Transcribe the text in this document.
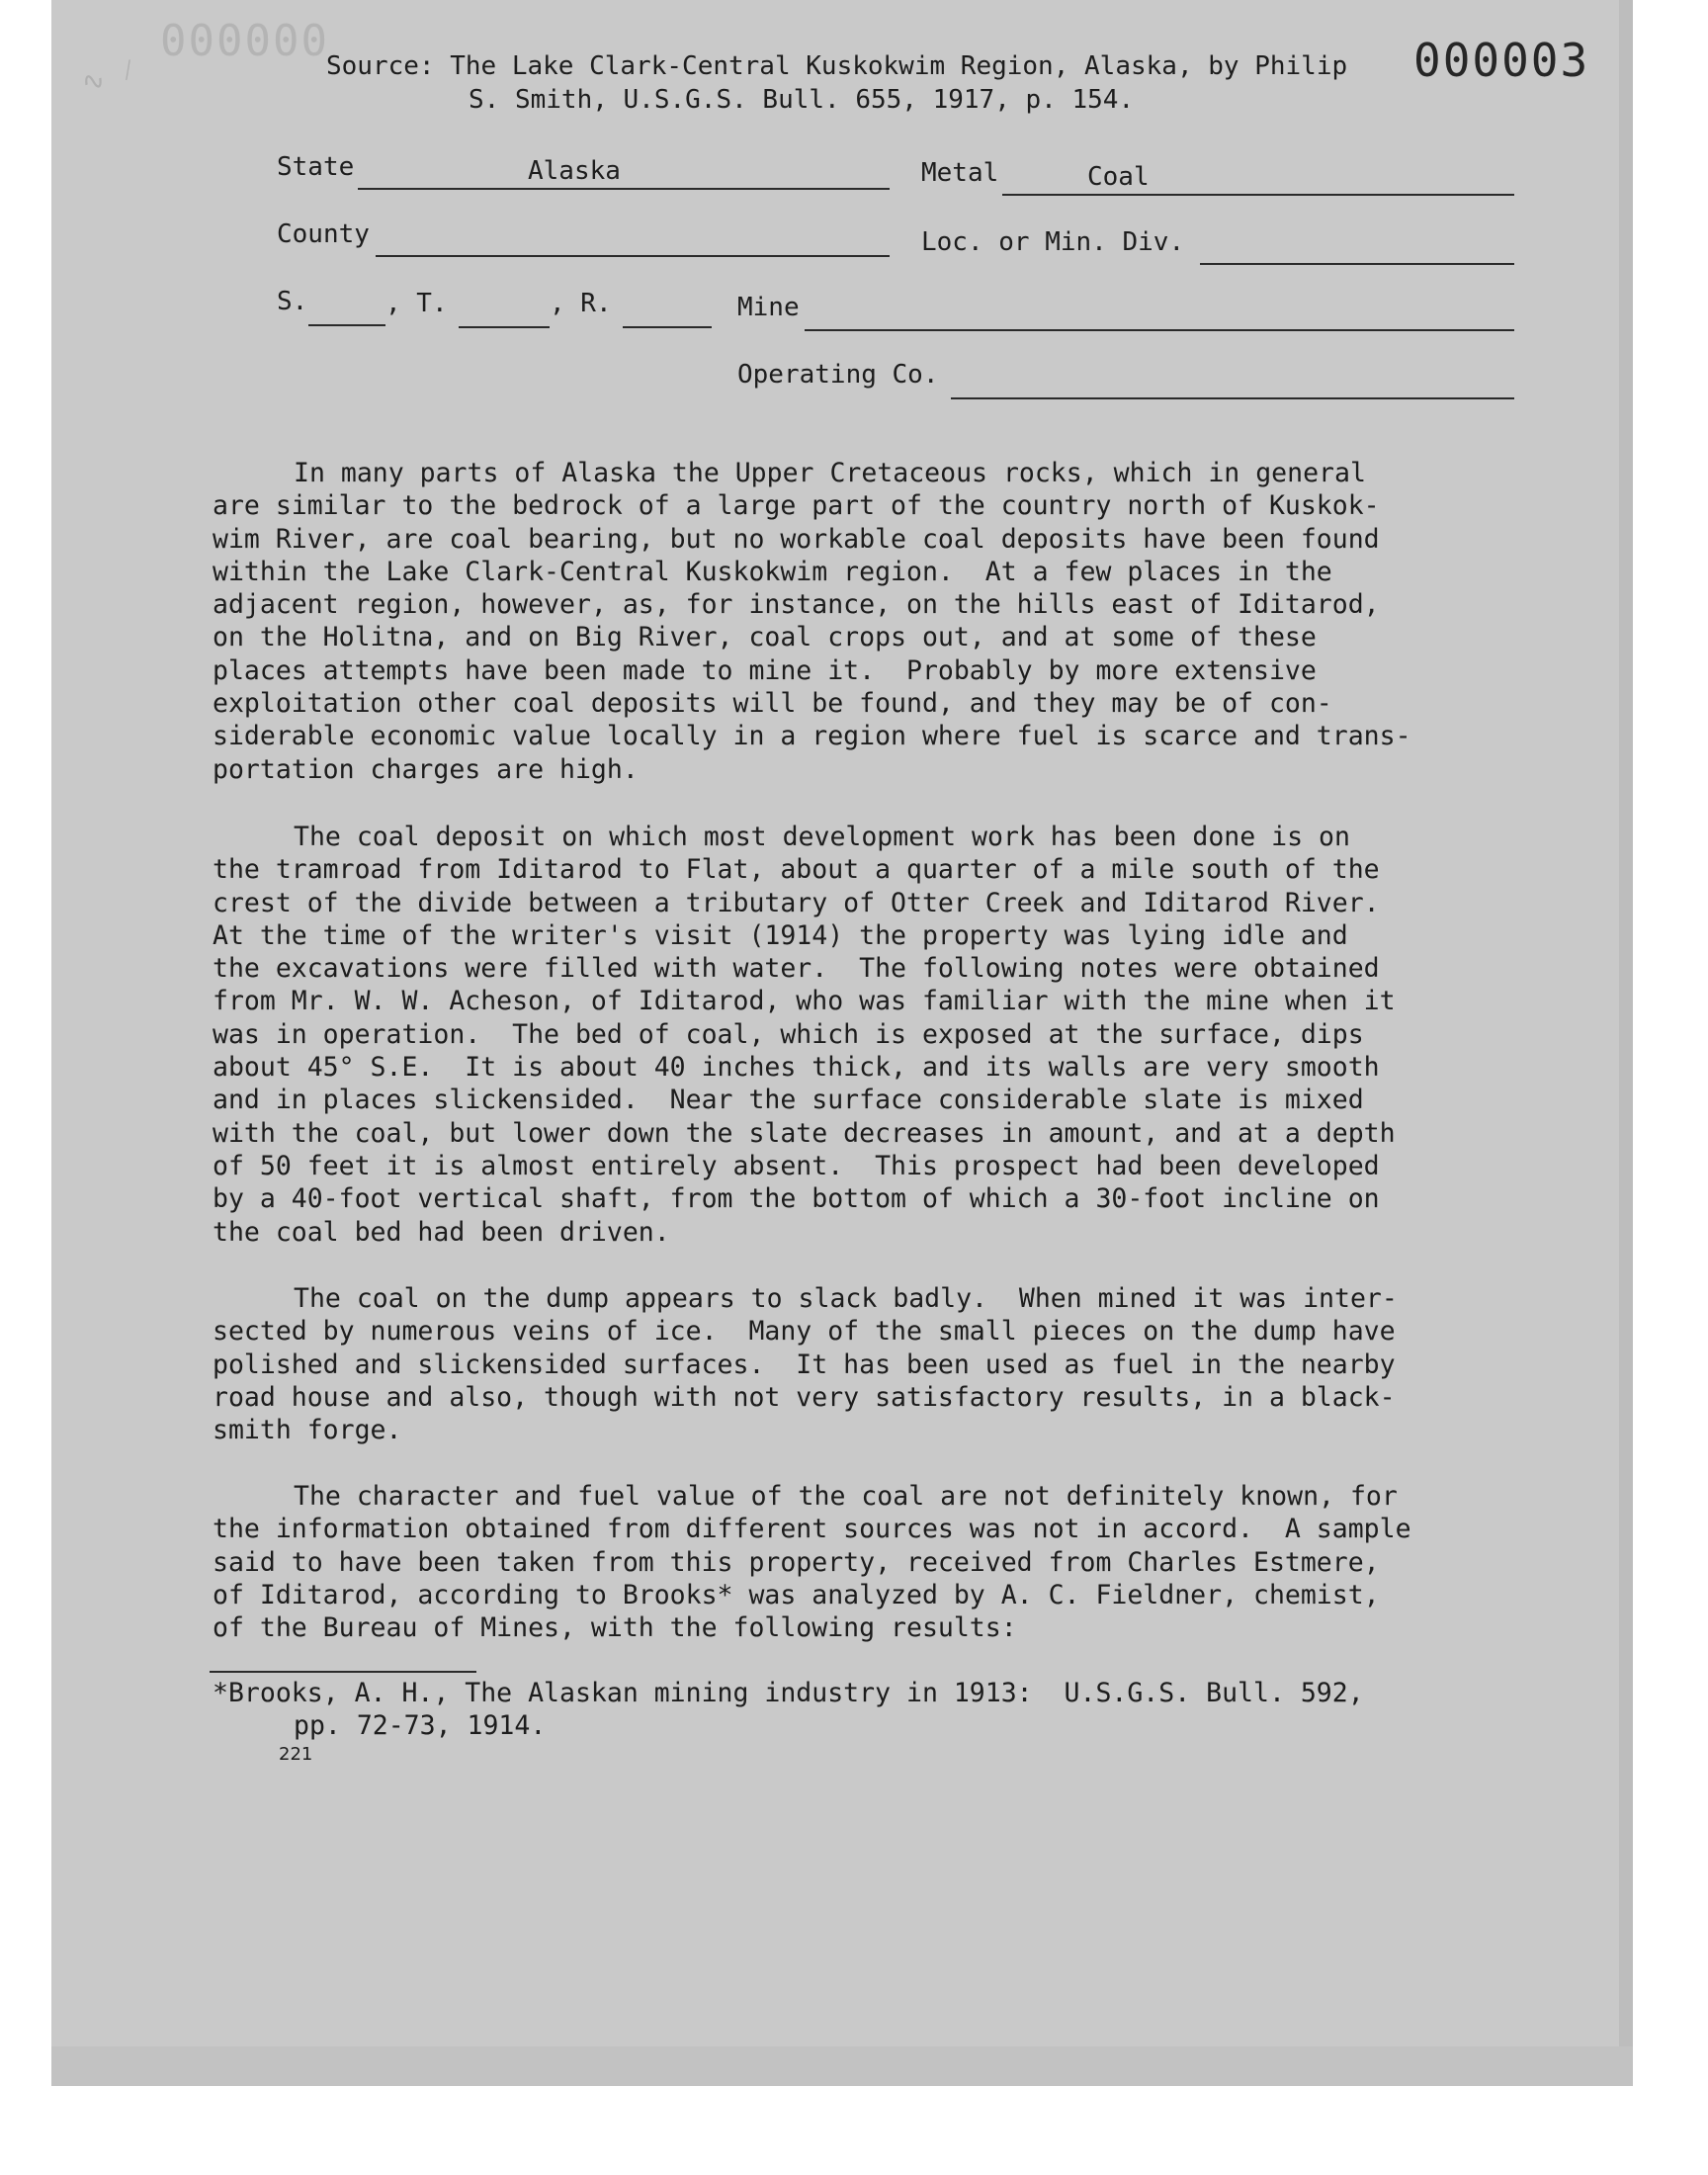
000000
∿ ⁄	000003
Source: The Lake Clark-Central Kuskokwim Region, Alaska, by Philip
S. Smith, U.S.G.S. Bull. 655, 1917, p. 154.
State	Alaska	Metal	Coal
County	Loc. or Min. Div.
S.	, T.	, R.	Mine
Operating Co.

In many parts of Alaska the Upper Cretaceous rocks, which in general

are similar to the bedrock of a large part of the country north of Kuskok-

wim River, are coal bearing, but no workable coal deposits have been found

within the Lake Clark-Central Kuskokwim region.  At a few places in the

adjacent region, however, as, for instance, on the hills east of Iditarod,

on the Holitna, and on Big River, coal crops out, and at some of these

places attempts have been made to mine it.  Probably by more extensive

exploitation other coal deposits will be found, and they may be of con-

siderable economic value locally in a region where fuel is scarce and trans-

portation charges are high.

The coal deposit on which most development work has been done is on

the tramroad from Iditarod to Flat, about a quarter of a mile south of the

crest of the divide between a tributary of Otter Creek and Iditarod River.

At the time of the writer's visit (1914) the property was lying idle and

the excavations were filled with water.  The following notes were obtained

from Mr. W. W. Acheson, of Iditarod, who was familiar with the mine when it

was in operation.  The bed of coal, which is exposed at the surface, dips

about 45° S.E.  It is about 40 inches thick, and its walls are very smooth

and in places slickensided.  Near the surface considerable slate is mixed

with the coal, but lower down the slate decreases in amount, and at a depth

of 50 feet it is almost entirely absent.  This prospect had been developed

by a 40-foot vertical shaft, from the bottom of which a 30-foot incline on

the coal bed had been driven.

The coal on the dump appears to slack badly.  When mined it was inter-

sected by numerous veins of ice.  Many of the small pieces on the dump have

polished and slickensided surfaces.  It has been used as fuel in the nearby

road house and also, though with not very satisfactory results, in a black-

smith forge.

The character and fuel value of the coal are not definitely known, for

the information obtained from different sources was not in accord.  A sample

said to have been taken from this property, received from Charles Estmere,

of Iditarod, according to Brooks* was analyzed by A. C. Fieldner, chemist,

of the Bureau of Mines, with the following results:

*Brooks, A. H., The Alaskan mining industry in 1913:  U.S.G.S. Bull. 592,

pp. 72-73, 1914.

221
